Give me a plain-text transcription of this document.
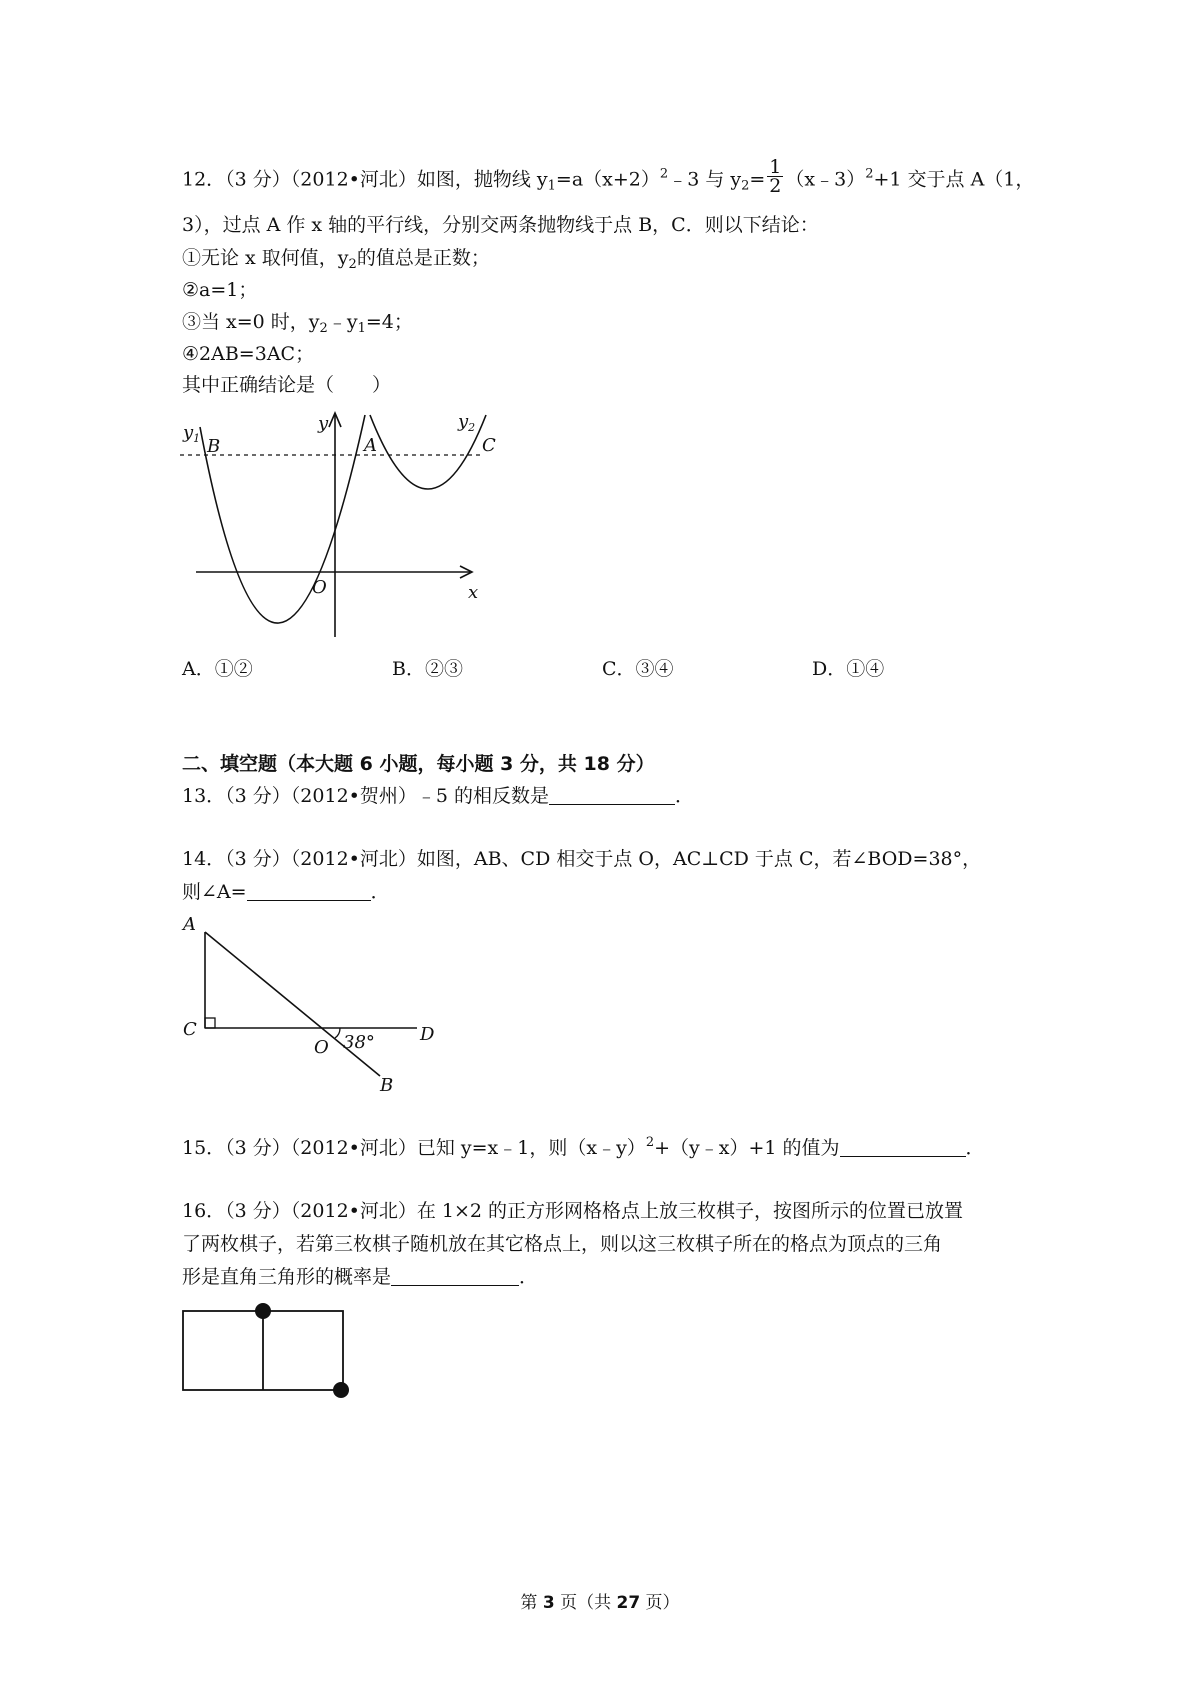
12．（3 分）（2012•河北）如图，抛物线 $y_1=a(x+2)^2﹣3$ 与 $y_2= \frac{1}{2}$ （x﹣3）$^2$+1 交于点 A（1，
3），过点 A 作 x 轴的平行线，分别交两条抛物线于点 B，C．则以下结论：
①无论 x 取何值，$y_2$的值总是正数；
②a=1；
③当 x=0 时，$y_2﹣y_1=4$；
④2AB=3AC；
其中正确结论是（　　）
$y_1$ B
y
A
$y_2$
C
O	x
A．①②	B．②③	C．③④	D．①④
二、填空题（本大题 6 小题，每小题 3 分，共 18 分）
13．（3 分）（2012•贺州）﹣5 的相反数是	．
14．（3 分）（2012•河北）如图，AB、CD 相交于点 O，AC⊥CD 于点 C，若∠BOD=38°，
则∠A=	．
A
C
O 38°	D
B
15．（3 分）（2012•河北）已知 y=x﹣1，则（x﹣y）$^2$+（y﹣x）+1 的值为	．
16．（3 分）（2012•河北）在 1×2 的正方形网格格点上放三枚棋子，按图所示的位置已放置
了两枚棋子，若第三枚棋子随机放在其它格点上，则以这三枚棋子所在的格点为顶点的三角
形是直角三角形的概率是	．
第 3 页（共 27 页）
